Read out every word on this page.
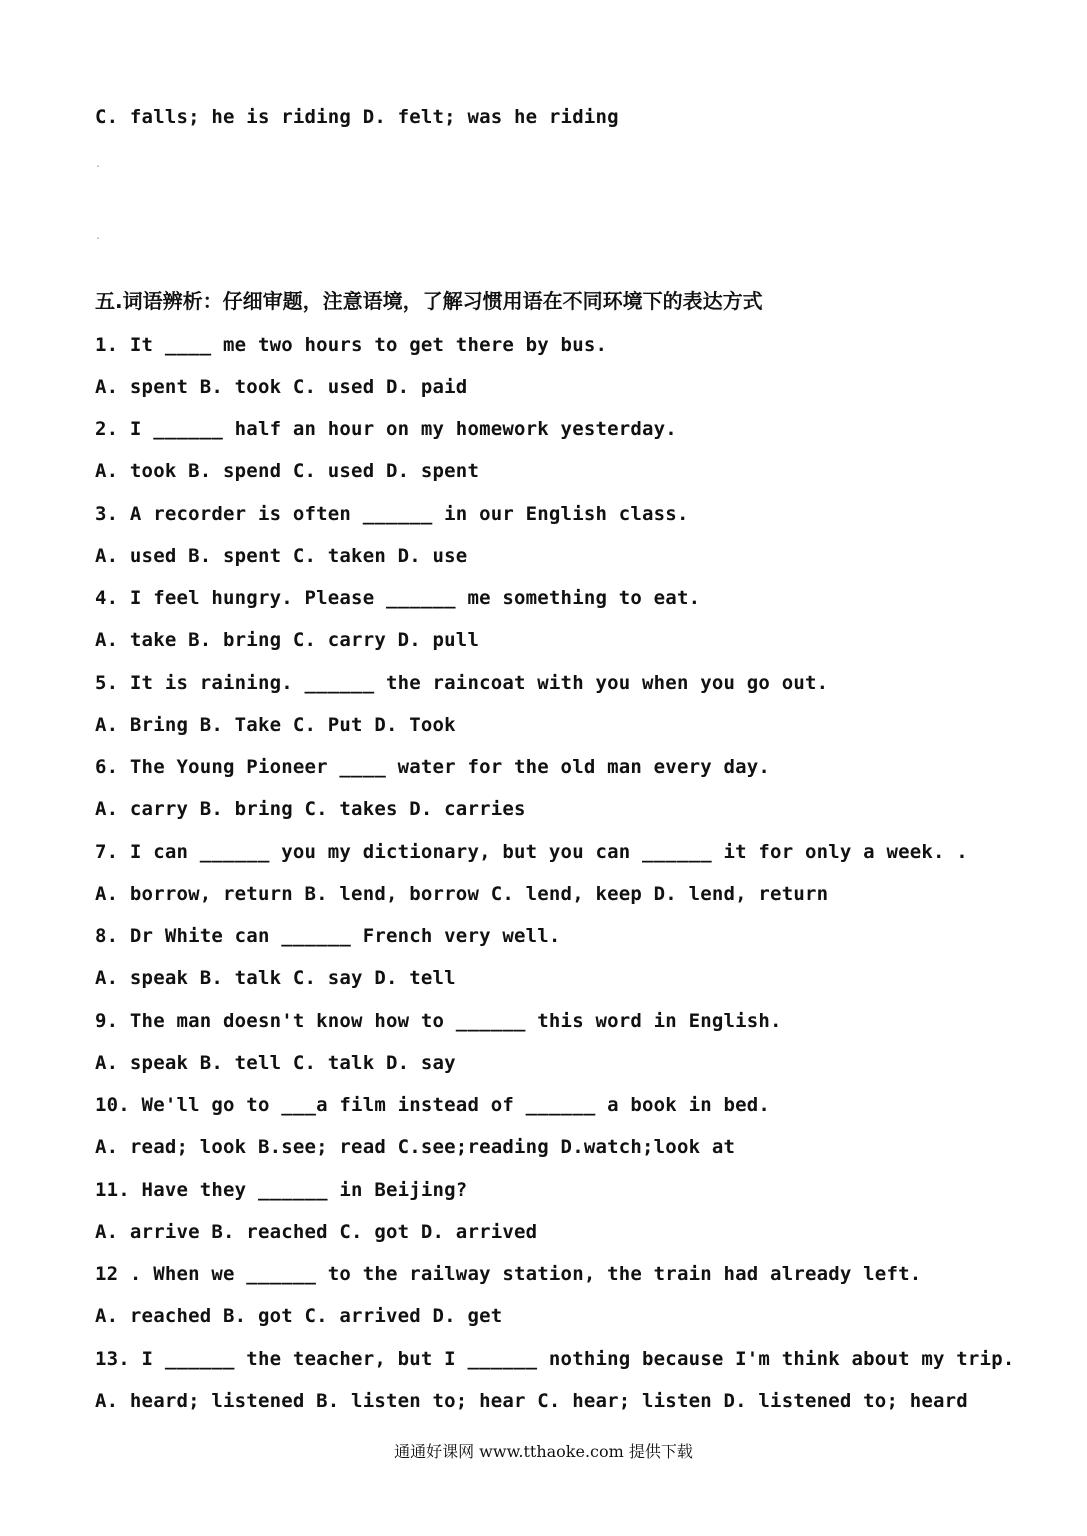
C. falls; he is riding D. felt; was he riding
.
.
五.词语辨析：仔细审题，注意语境，了解习惯用语在不同环境下的表达方式
1. It ____ me two hours to get there by bus.
A. spent B. took C. used D. paid
2. I ______ half an hour on my homework yesterday.
A. took B. spend C. used D. spent
3. A recorder is often ______ in our English class.
A. used B. spent C. taken D. use
4. I feel hungry. Please ______ me something to eat.
A. take B. bring C. carry D. pull
5. It is raining. ______ the raincoat with you when you go out.
A. Bring B. Take C. Put D. Took
6. The Young Pioneer ____ water for the old man every day.
A. carry B. bring C. takes D. carries
7. I can ______ you my dictionary, but you can ______ it for only a week. .
A. borrow, return B. lend, borrow C. lend, keep D. lend, return
8. Dr White can ______ French very well.
A. speak B. talk C. say D. tell
9. The man doesn't know how to ______ this word in English.
A. speak B. tell C. talk D. say
10. We'll go to ___a film instead of ______ a book in bed.
A. read; look B.see; read C.see;reading D.watch;look at
11. Have they ______ in Beijing?
A. arrive B. reached C. got D. arrived
12 . When we ______ to the railway station, the train had already left.
A. reached B. got C. arrived D. get
13. I ______ the teacher, but I ______ nothing because I'm think about my trip.
A. heard; listened B. listen to; hear C. hear; listen D. listened to; heard
通通好课网 www.tthaoke.com 提供下载
